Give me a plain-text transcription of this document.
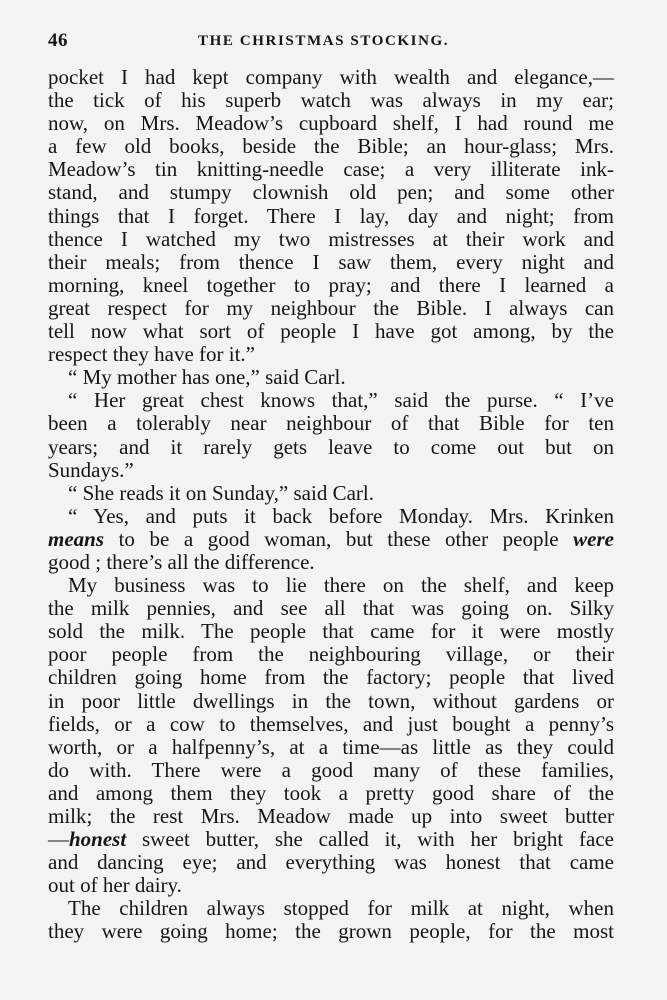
46	THE CHRISTMAS STOCKING.
pocket I had kept company with wealth and elegance,—
the tick of his superb watch was always in my ear;
now, on Mrs. Meadow’s cupboard shelf, I had round me
a few old books, beside the Bible; an hour-glass; Mrs.
Meadow’s tin knitting-needle case; a very illiterate ink-
stand, and stumpy clownish old pen; and some other
things that I forget. There I lay, day and night; from
thence I watched my two mistresses at their work and
their meals; from thence I saw them, every night and
morning, kneel together to pray; and there I learned a
great respect for my neighbour the Bible. I always can
tell now what sort of people I have got among, by the
respect they have for it.”
“ My mother has one,” said Carl.
“ Her great chest knows that,” said the purse. “ I’ve
been a tolerably near neighbour of that Bible for ten
years; and it rarely gets leave to come out but on
Sundays.”
“ She reads it on Sunday,” said Carl.
“ Yes, and puts it back before Monday. Mrs. Krinken
means to be a good woman, but these other people were
good ; there’s all the difference.
My business was to lie there on the shelf, and keep
the milk pennies, and see all that was going on. Silky
sold the milk. The people that came for it were mostly
poor people from the neighbouring village, or their
children going home from the factory; people that lived
in poor little dwellings in the town, without gardens or
fields, or a cow to themselves, and just bought a penny’s
worth, or a halfpenny’s, at a time—as little as they could
do with. There were a good many of these families,
and among them they took a pretty good share of the
milk; the rest Mrs. Meadow made up into sweet butter
—honest sweet butter, she called it, with her bright face
and dancing eye; and everything was honest that came
out of her dairy.
The children always stopped for milk at night, when
they were going home; the grown people, for the most
